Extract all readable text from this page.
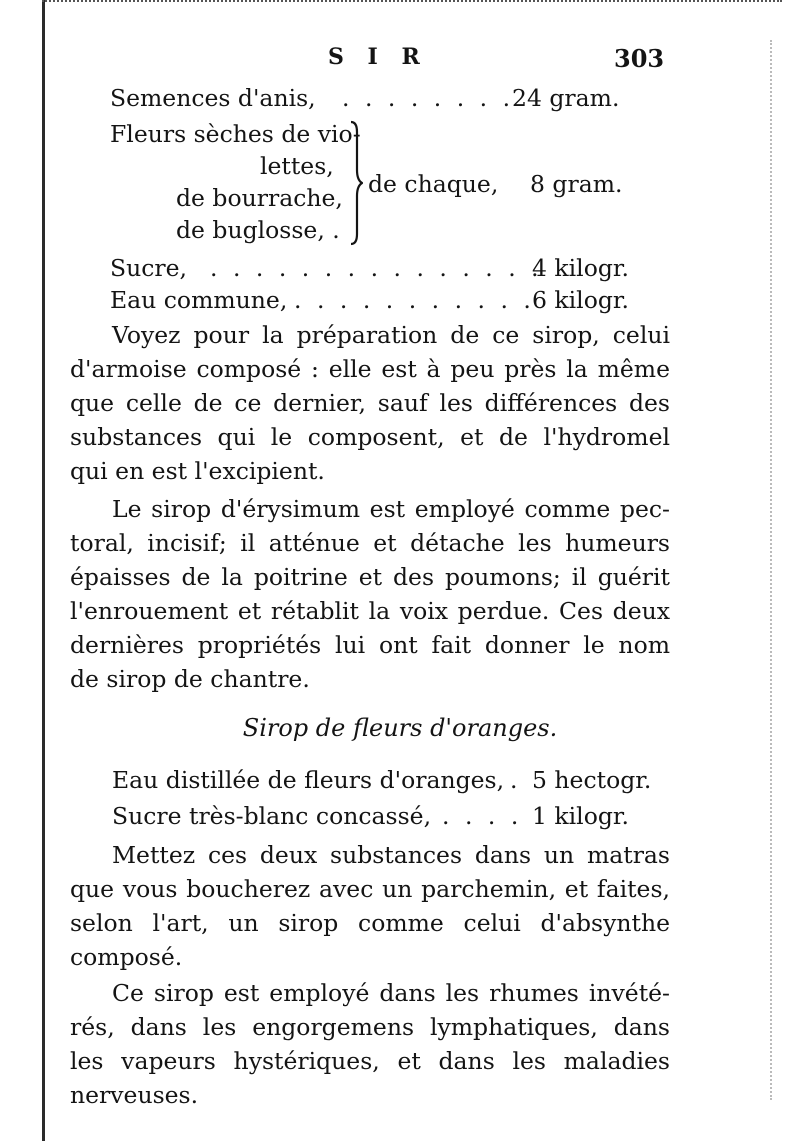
S I R	303
Semences d'anis, . . . . . . . .
24 gram.
Fleurs sèches de vio-
lettes,
de bourrache,
de buglosse, .
de chaque, 8 gram.
Sucre, . . . . . . . . . . . . . . .
4 kilogr.
Eau commune, . . . . . . . . . . .
6 kilogr.
Voyez pour la préparation de ce sirop, celui
d'armoise composé : elle est à peu près la même
que celle de ce dernier, sauf les différences des
substances qui le composent, et de l'hydromel
qui en est l'excipient.
Le sirop d'érysimum est employé comme pec-
toral, incisif; il atténue et détache les humeurs
épaisses de la poitrine et des poumons; il guérit
l'enrouement et rétablit la voix perdue. Ces deux
dernières propriétés lui ont fait donner le nom
de sirop de chantre.
Sirop de fleurs d'oranges.
Eau distillée de fleurs d'oranges, . 5 hectogr.
Sucre très-blanc concassé, . . . . 1 kilogr.
Mettez ces deux substances dans un matras
que vous boucherez avec un parchemin, et faites,
selon l'art, un sirop comme celui d'absynthe
composé.
Ce sirop est employé dans les rhumes invété-
rés, dans les engorgemens lymphatiques, dans
les vapeurs hystériques, et dans les maladies
nerveuses.
